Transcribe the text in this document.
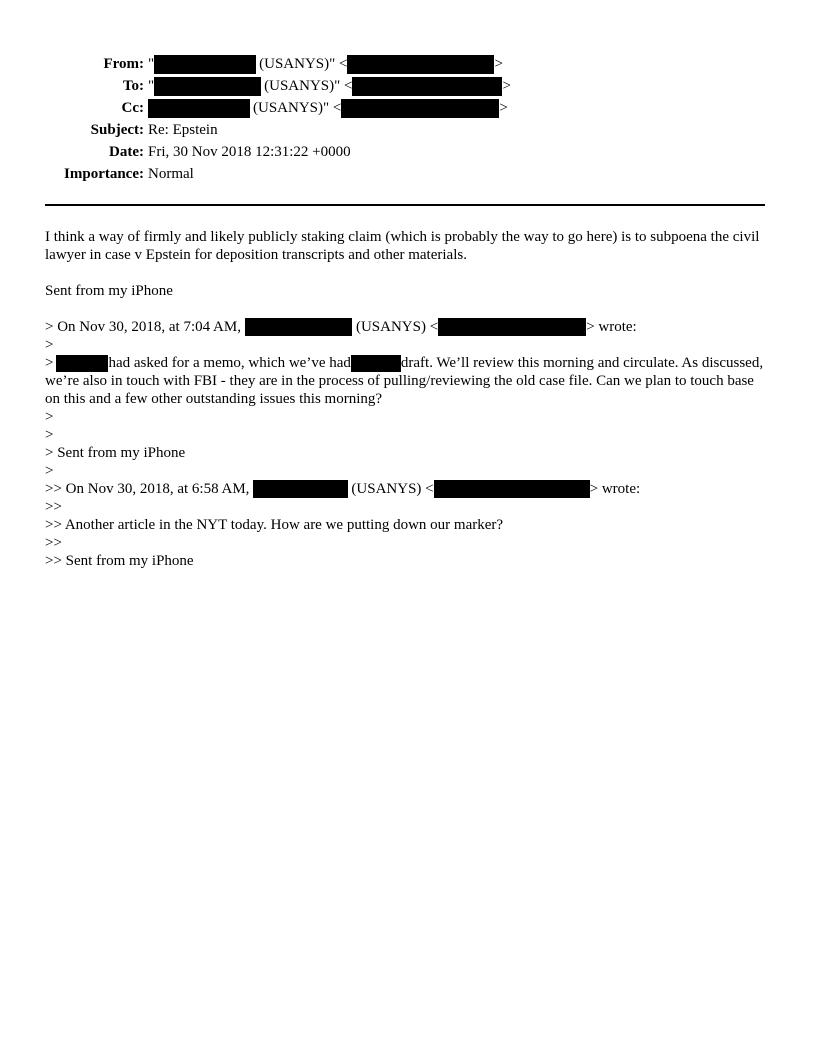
From: "	(USANYS)" <	>
To: "	(USANYS)" <	>
Cc:	(USANYS)" <	>
Subject: Re: Epstein
Date: Fri, 30 Nov 2018 12:31:22 +0000
Importance: Normal

I think a way of firmly and likely publicly staking claim (which is probably the way to go here) is to subpoena the civil lawyer in case v Epstein for deposition transcripts and other materials.

Sent from my iPhone

> On Nov 30, 2018, at 7:04 AM,	(USANYS) <	> wrote:
>
>	had asked for a memo, which we’ve had	draft. We’ll review this morning and circulate. As discussed, we’re also in touch with FBI - they are in the process of pulling/reviewing the old case file. Can we plan to touch base on this and a few other outstanding issues this morning?
>
>
> Sent from my iPhone
>
>> On Nov 30, 2018, at 6:58 AM,	(USANYS) <	> wrote:
>>
>> Another article in the NYT today. How are we putting down our marker?
>>
>> Sent from my iPhone
